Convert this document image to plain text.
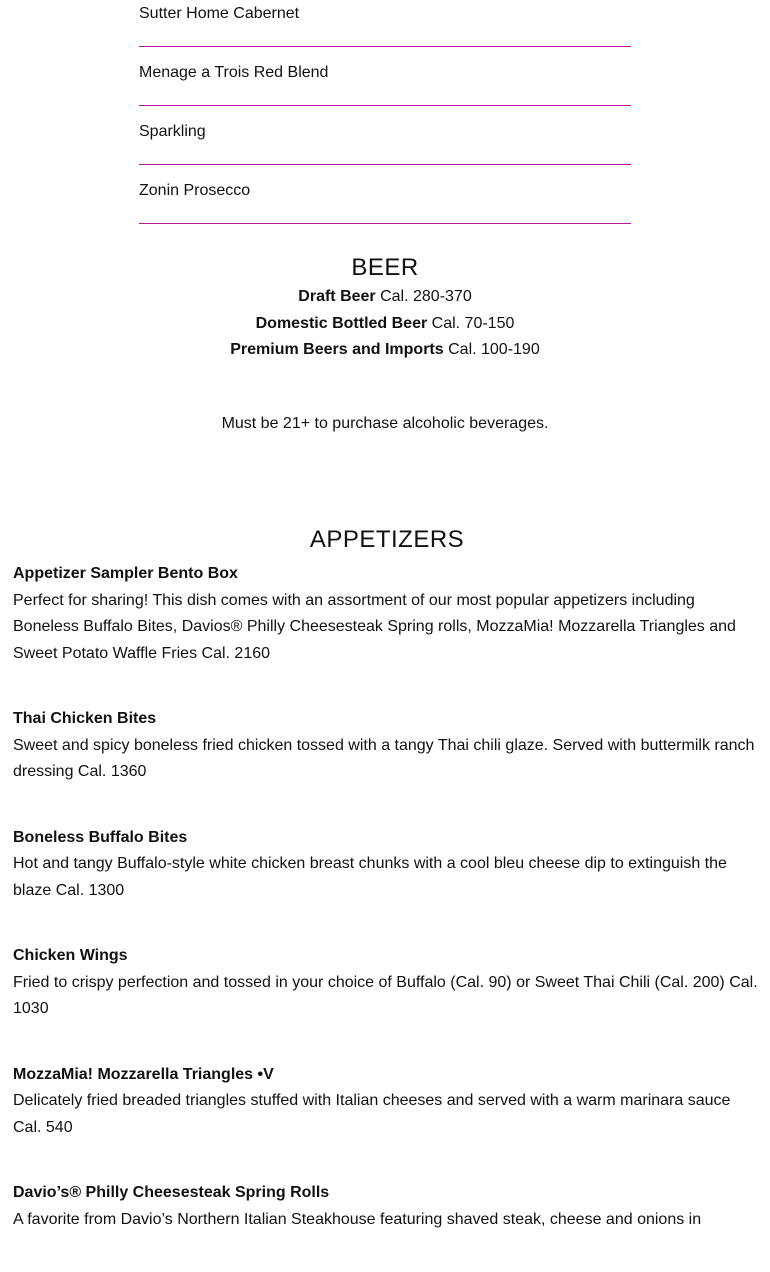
Sutter Home Cabernet
Menage a Trois Red Blend
Sparkling
Zonin Prosecco
BEER
Draft Beer Cal. 280-370
Domestic Bottled Beer Cal. 70-150
Premium Beers and Imports Cal. 100-190
Must be 21+ to purchase alcoholic beverages.
APPETIZERS
Appetizer Sampler Bento Box
Perfect for sharing! This dish comes with an assortment of our most popular appetizers including Boneless Buffalo Bites, Davios® Philly Cheesesteak Spring rolls, MozzaMia! Mozzarella Triangles and Sweet Potato Waffle Fries Cal. 2160
Thai Chicken Bites
Sweet and spicy boneless fried chicken tossed with a tangy Thai chili glaze. Served with buttermilk ranch dressing Cal. 1360
Boneless Buffalo Bites
Hot and tangy Buffalo-style white chicken breast chunks with a cool bleu cheese dip to extinguish the blaze Cal. 1300
Chicken Wings
Fried to crispy perfection and tossed in your choice of Buffalo (Cal. 90) or Sweet Thai Chili (Cal. 200) Cal. 1030
MozzaMia! Mozzarella Triangles •V
Delicately fried breaded triangles stuffed with Italian cheeses and served with a warm marinara sauce Cal. 540
Davio’s® Philly Cheesesteak Spring Rolls
A favorite from Davio’s Northern Italian Steakhouse featuring shaved steak, cheese and onions in
